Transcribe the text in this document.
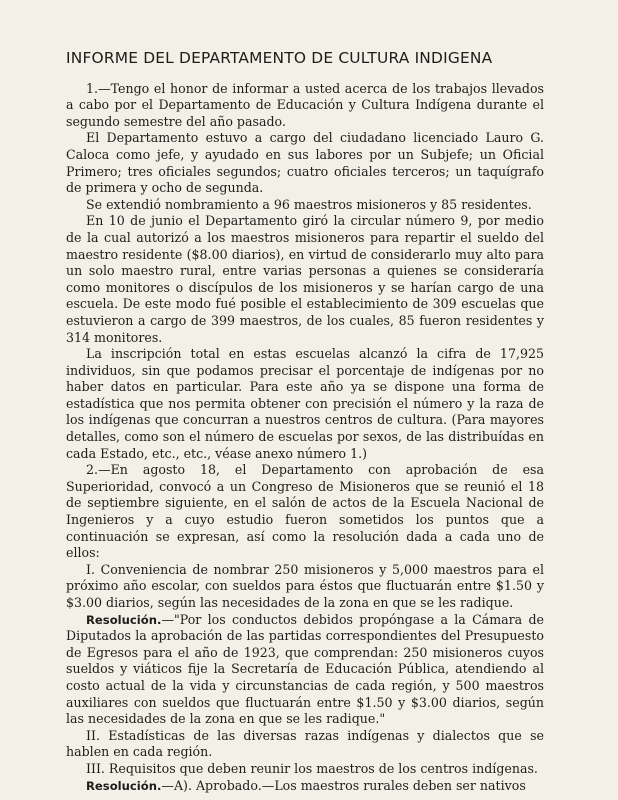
INFORME DEL DEPARTAMENTO DE CULTURA INDIGENA

1.—Tengo el honor de informar a usted acerca de los trabajos llevados a cabo por el Departamento de Educación y Cultura Indígena durante el segundo semestre del año pasado.

El Departamento estuvo a cargo del ciudadano licenciado Lauro G. Caloca como jefe, y ayudado en sus labores por un Subjefe; un Oficial Primero; tres oficiales segundos; cuatro oficiales terceros; un taquígrafo de primera y ocho de segunda.

Se extendió nombramiento a 96 maestros misioneros y 85 residentes.

En 10 de junio el Departamento giró la circular número 9, por medio de la cual autorizó a los maestros misioneros para repartir el sueldo del maestro residente ($8.00 diarios), en virtud de considerarlo muy alto para un solo maestro rural, entre varias personas a quienes se consideraría como monitores o discípulos de los misioneros y se harían cargo de una escuela. De este modo fué posible el establecimiento de 309 escuelas que estuvieron a cargo de 399 maestros, de los cuales, 85 fueron residentes y 314 monitores.

La inscripción total en estas escuelas alcanzó la cifra de 17,925 individuos, sin que podamos precisar el porcentaje de indígenas por no haber datos en particular. Para este año ya se dispone una forma de estadística que nos permita obtener con precisión el número y la raza de los indígenas que concurran a nuestros centros de cultura. (Para mayores detalles, como son el número de escuelas por sexos, de las distribuídas en cada Estado, etc., etc., véase anexo número 1.)

2.—En agosto 18, el Departamento con aprobación de esa Superioridad, convocó a un Congreso de Misioneros que se reunió el 18 de septiembre siguiente, en el salón de actos de la Escuela Nacional de Ingenieros y a cuyo estudio fueron sometidos los puntos que a continuación se expresan, así como la resolución dada a cada uno de ellos:

I. Conveniencia de nombrar 250 misioneros y 5,000 maestros para el próximo año escolar, con sueldos para éstos que fluctuarán entre $1.50 y $3.00 diarios, según las necesidades de la zona en que se les radique.

Resolución.—"Por los conductos debidos propóngase a la Cámara de Diputados la aprobación de las partidas correspondientes del Presupuesto de Egresos para el año de 1923, que comprendan: 250 misioneros cuyos sueldos y viáticos fije la Secretaría de Educación Pública, atendiendo al costo actual de la vida y circunstancias de cada región, y 500 maestros auxiliares con sueldos que fluctuarán entre $1.50 y $3.00 diarios, según las necesidades de la zona en que se les radique."

II. Estadísticas de las diversas razas indígenas y dialectos que se hablen en cada región.

III. Requisitos que deben reunir los maestros de los centros indígenas.

Resolución.—A). Aprobado.—Los maestros rurales deben ser nativos
